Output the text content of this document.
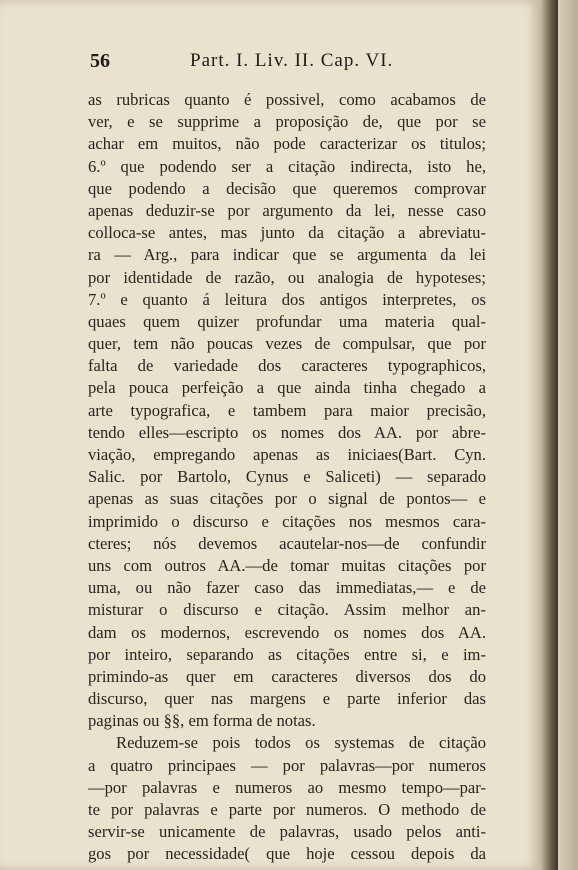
56	Part. I. Liv. II. Cap. VI.
as rubricas quanto é possivel, como acabamos de
ver, e se supprime a proposição de, que por se
achar em muitos, não pode caracterizar os titulos;
6.º que podendo ser a citação indirecta, isto he,
que podendo a decisão que queremos comprovar
apenas deduzir-se por argumento da lei, nesse caso
colloca-se antes, mas junto da citação a abreviatu-
ra — Arg., para indicar que se argumenta da lei
por identidade de razão, ou analogia de hypoteses;
7.º e quanto á leitura dos antigos interpretes, os
quaes quem quizer profundar uma materia qual-
quer, tem não poucas vezes de compulsar, que por
falta de variedade dos caracteres typographicos,
pela pouca perfeição a que ainda tinha chegado a
arte typografica, e tambem para maior precisão,
tendo elles—escripto os nomes dos AA. por abre-
viação, empregando apenas as iniciaes(Bart. Cyn.
Salic. por Bartolo, Cynus e Saliceti) — separado
apenas as suas citações por o signal de pontos— e
imprimido o discurso e citações nos mesmos cara-
cteres; nós devemos acautelar-nos—de confundir
uns com outros AA.—de tomar muitas citações por
uma, ou não fazer caso das immediatas,— e de
misturar o discurso e citação. Assim melhor an-
dam os modernos, escrevendo os nomes dos AA.
por inteiro, separando as citações entre si, e im-
primindo-as quer em caracteres diversos dos do
discurso, quer nas margens e parte inferior das
paginas ou §§, em forma de notas.
Reduzem-se pois todos os systemas de citação
a quatro principaes — por palavras—por numeros
—por palavras e numeros ao mesmo tempo—par-
te por palavras e parte por numeros. O methodo de
servir-se unicamente de palavras, usado pelos anti-
gos por necessidade( que hoje cessou depois da
